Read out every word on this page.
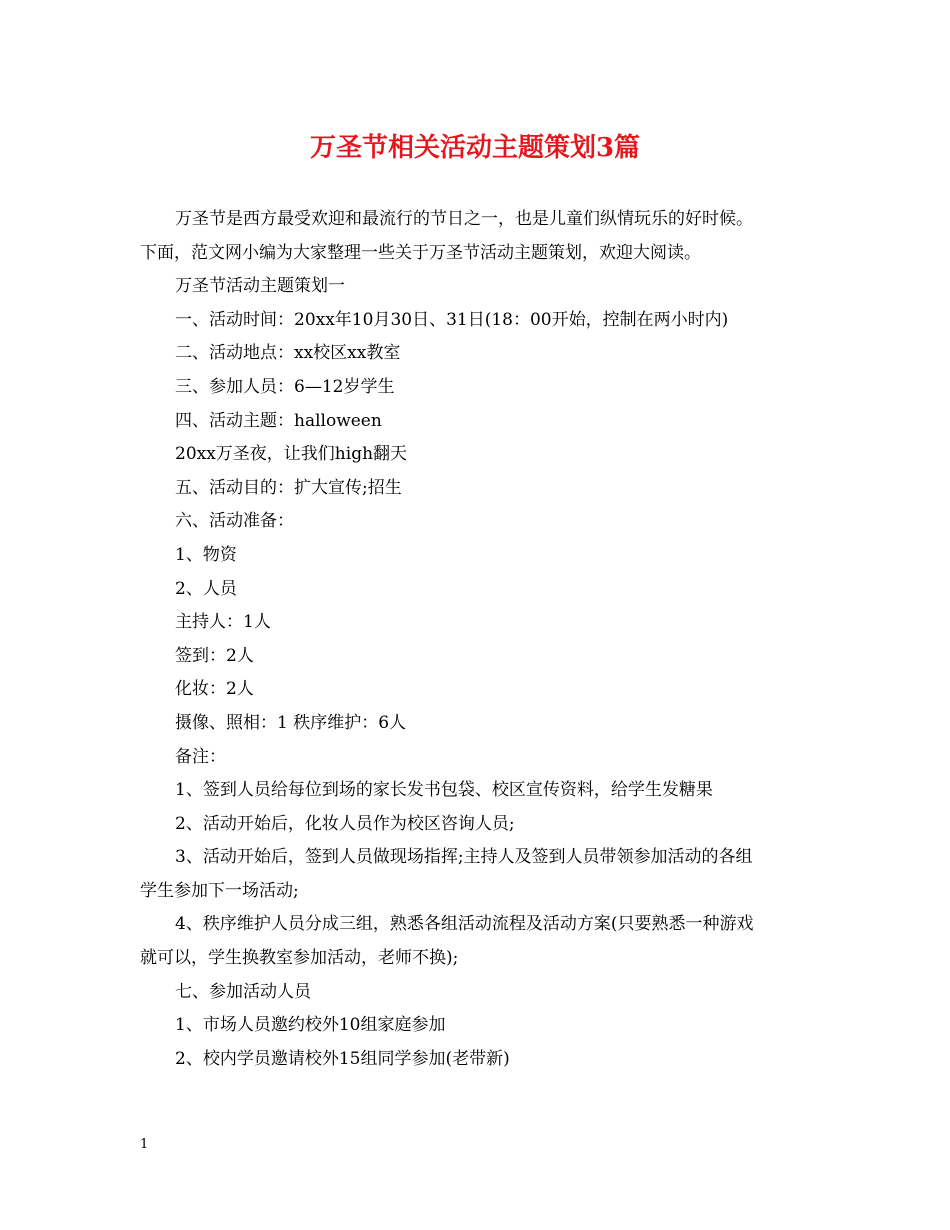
万圣节相关活动主题策划3篇

万圣节是西方最受欢迎和最流行的节日之一，也是儿童们纵情玩乐的好时候。

下面，范文网小编为大家整理一些关于万圣节活动主题策划，欢迎大阅读。

万圣节活动主题策划一

一、活动时间：20xx年10月30日、31日(18：00开始，控制在两小时内)

二、活动地点：xx校区xx教室

三、参加人员：6—12岁学生

四、活动主题：halloween

20xx万圣夜，让我们high翻天

五、活动目的：扩大宣传;招生

六、活动准备：

1、物资

2、人员

主持人：1人

签到：2人

化妆：2人

摄像、照相：1 秩序维护：6人

备注：

1、签到人员给每位到场的家长发书包袋、校区宣传资料，给学生发糖果

2、活动开始后，化妆人员作为校区咨询人员;

3、活动开始后，签到人员做现场指挥;主持人及签到人员带领参加活动的各组

学生参加下一场活动;

4、秩序维护人员分成三组，熟悉各组活动流程及活动方案(只要熟悉一种游戏

就可以，学生换教室参加活动，老师不换);

七、参加活动人员

1、市场人员邀约校外10组家庭参加

2、校内学员邀请校外15组同学参加(老带新)

1
